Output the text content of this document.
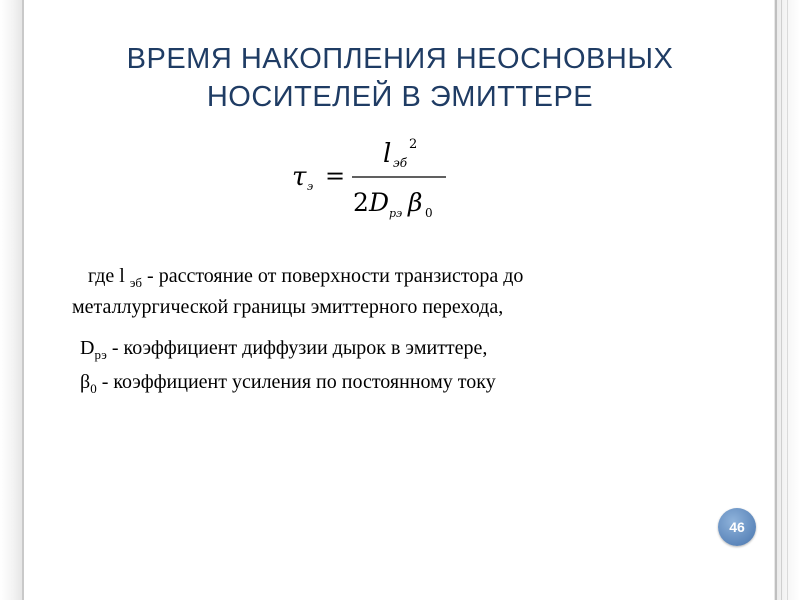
ВРЕМЯ НАКОПЛЕНИЯ НЕОСНОВНЫХ
НОСИТЕЛЕЙ В ЭМИТТЕРЕ
τ э =
l эб
2
2 D рэ β 0
где l $_{эб}$ - расстояние от поверхности транзистора до
металлургической границы эмиттерного перехода,
$D_{рэ}$ - коэффициент диффузии дырок в эмиттере,
$\beta_0$ - коэффициент усиления по постоянному току
46
